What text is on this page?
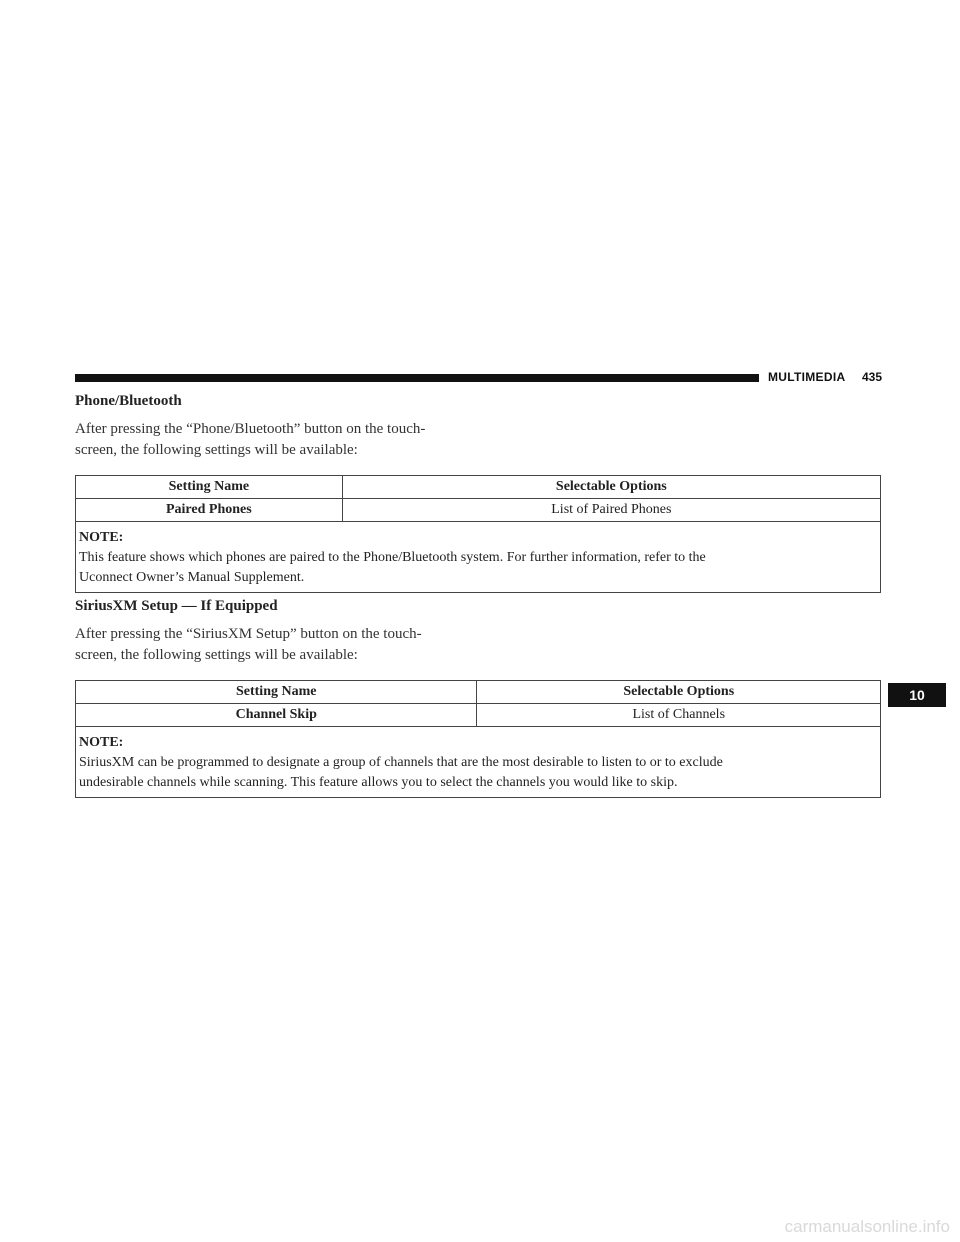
MULTIMEDIA 435
10
Phone/Bluetooth
After pressing the “Phone/Bluetooth” button on the touch-
screen, the following settings will be available:
Setting Name	Selectable Options
Paired Phones	List of Paired Phones

NOTE:
This feature shows which phones are paired to the Phone/Bluetooth system. For further information, refer to the
Uconnect Owner’s Manual Supplement.	
SiriusXM Setup — If Equipped
After pressing the “SiriusXM Setup” button on the touch-
screen, the following settings will be available:
Setting Name	Selectable Options
Channel Skip	List of Channels

NOTE:
SiriusXM can be programmed to designate a group of channels that are the most desirable to listen to or to exclude
undesirable channels while scanning. This feature allows you to select the channels you would like to skip.	
carmanualsonline.info
